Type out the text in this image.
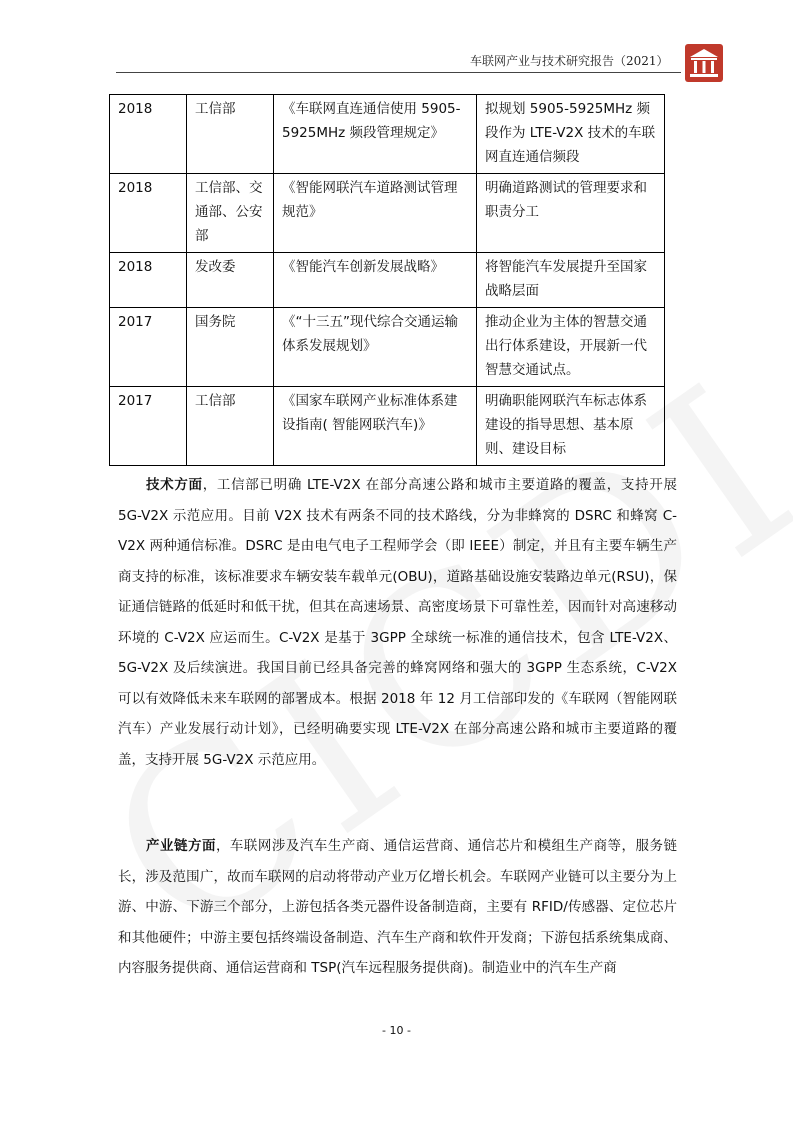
车联网产业与技术研究报告（2021）
2018	工信部	《车联网直连通信使用 5905-5925MHz 频段管理规定》	拟规划 5905-5925MHz 频段作为 LTE-V2X 技术的车联网直连通信频段
2018	工信部、交通部、公安部	《智能网联汽车道路测试管理规范》	明确道路测试的管理要求和职责分工
2018	发改委	《智能汽车创新发展战略》	将智能汽车发展提升至国家战略层面
2017	国务院	《“十三五”现代综合交通运输体系发展规划》	推动企业为主体的智慧交通出行体系建设，开展新一代智慧交通试点。
2017	工信部	《国家车联网产业标准体系建设指南( 智能网联汽车)》	明确职能网联汽车标志体系建设的指导思想、基本原则、建设目标

技术方面，工信部已明确 LTE-V2X 在部分高速公路和城市主要道路的覆盖，支持开展 5G-V2X 示范应用。目前 V2X 技术有两条不同的技术路线，分为非蜂窝的 DSRC 和蜂窝 C-V2X 两种通信标准。DSRC 是由电气电子工程师学会（即 IEEE）制定，并且有主要车辆生产商支持的标准，该标准要求车辆安装车载单元(OBU)，道路基础设施安装路边单元(RSU)，保证通信链路的低延时和低干扰，但其在高速场景、高密度场景下可靠性差，因而针对高速移动环境的 C-V2X 应运而生。C-V2X 是基于 3GPP 全球统一标准的通信技术，包含 LTE-V2X、5G-V2X 及后续演进。我国目前已经具备完善的蜂窝网络和强大的 3GPP 生态系统，C-V2X 可以有效降低未来车联网的部署成本。根据 2018 年 12 月工信部印发的《车联网（智能网联汽车）产业发展行动计划》，已经明确要实现 LTE-V2X 在部分高速公路和城市主要道路的覆盖，支持开展 5G-V2X 示范应用。

产业链方面，车联网涉及汽车生产商、通信运营商、通信芯片和模组生产商等，服务链长，涉及范围广，故而车联网的启动将带动产业万亿增长机会。车联网产业链可以主要分为上游、中游、下游三个部分，上游包括各类元器件设备制造商，主要有 RFID/传感器、定位芯片和其他硬件；中游主要包括终端设备制造、汽车生产商和软件开发商；下游包括系统集成商、内容服务提供商、通信运营商和 TSP(汽车远程服务提供商)。制造业中的汽车生产商

- 10 -
